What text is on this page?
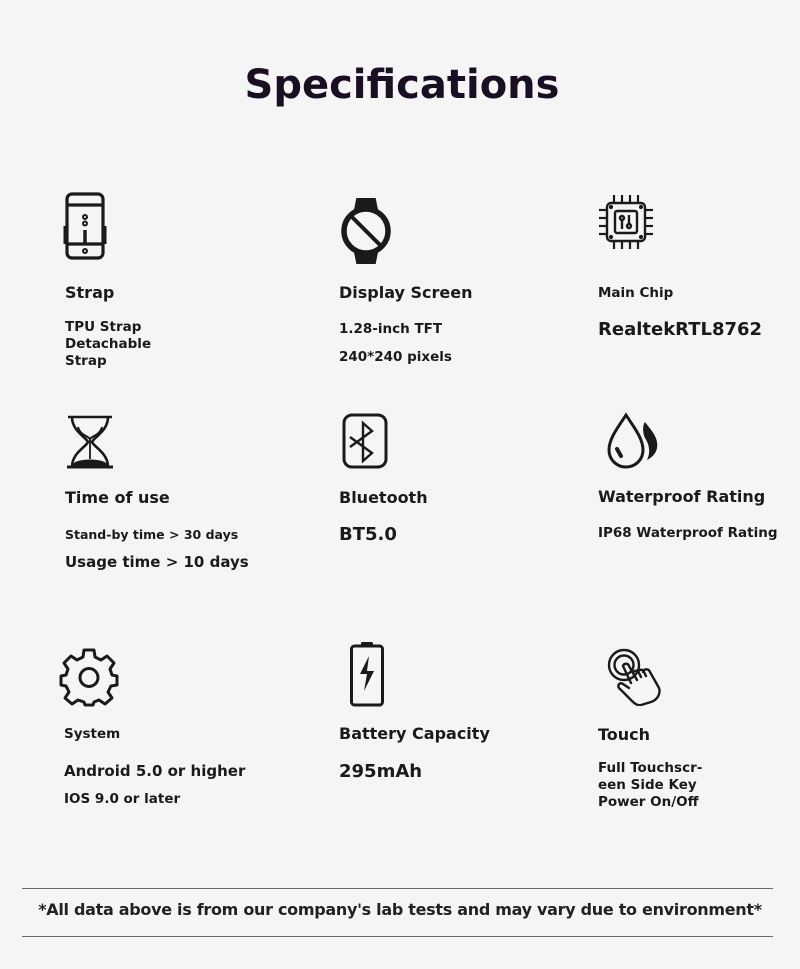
Specifications
Strap
TPU Strap
Detachable
Strap
Display Screen
1.28-inch TFT
240*240 pixels
Main Chip
RealtekRTL8762
Time of use
Stand-by time > 30 days
Usage time > 10 days
Bluetooth
BT5.0
Waterproof Rating
IP68 Waterproof Rating
System
Android 5.0 or higher
IOS 9.0 or later
Battery Capacity
295mAh
Touch
Full Touchscr-
een Side Key
Power On/Off
*All data above is from our company's lab tests and may vary due to environment*
